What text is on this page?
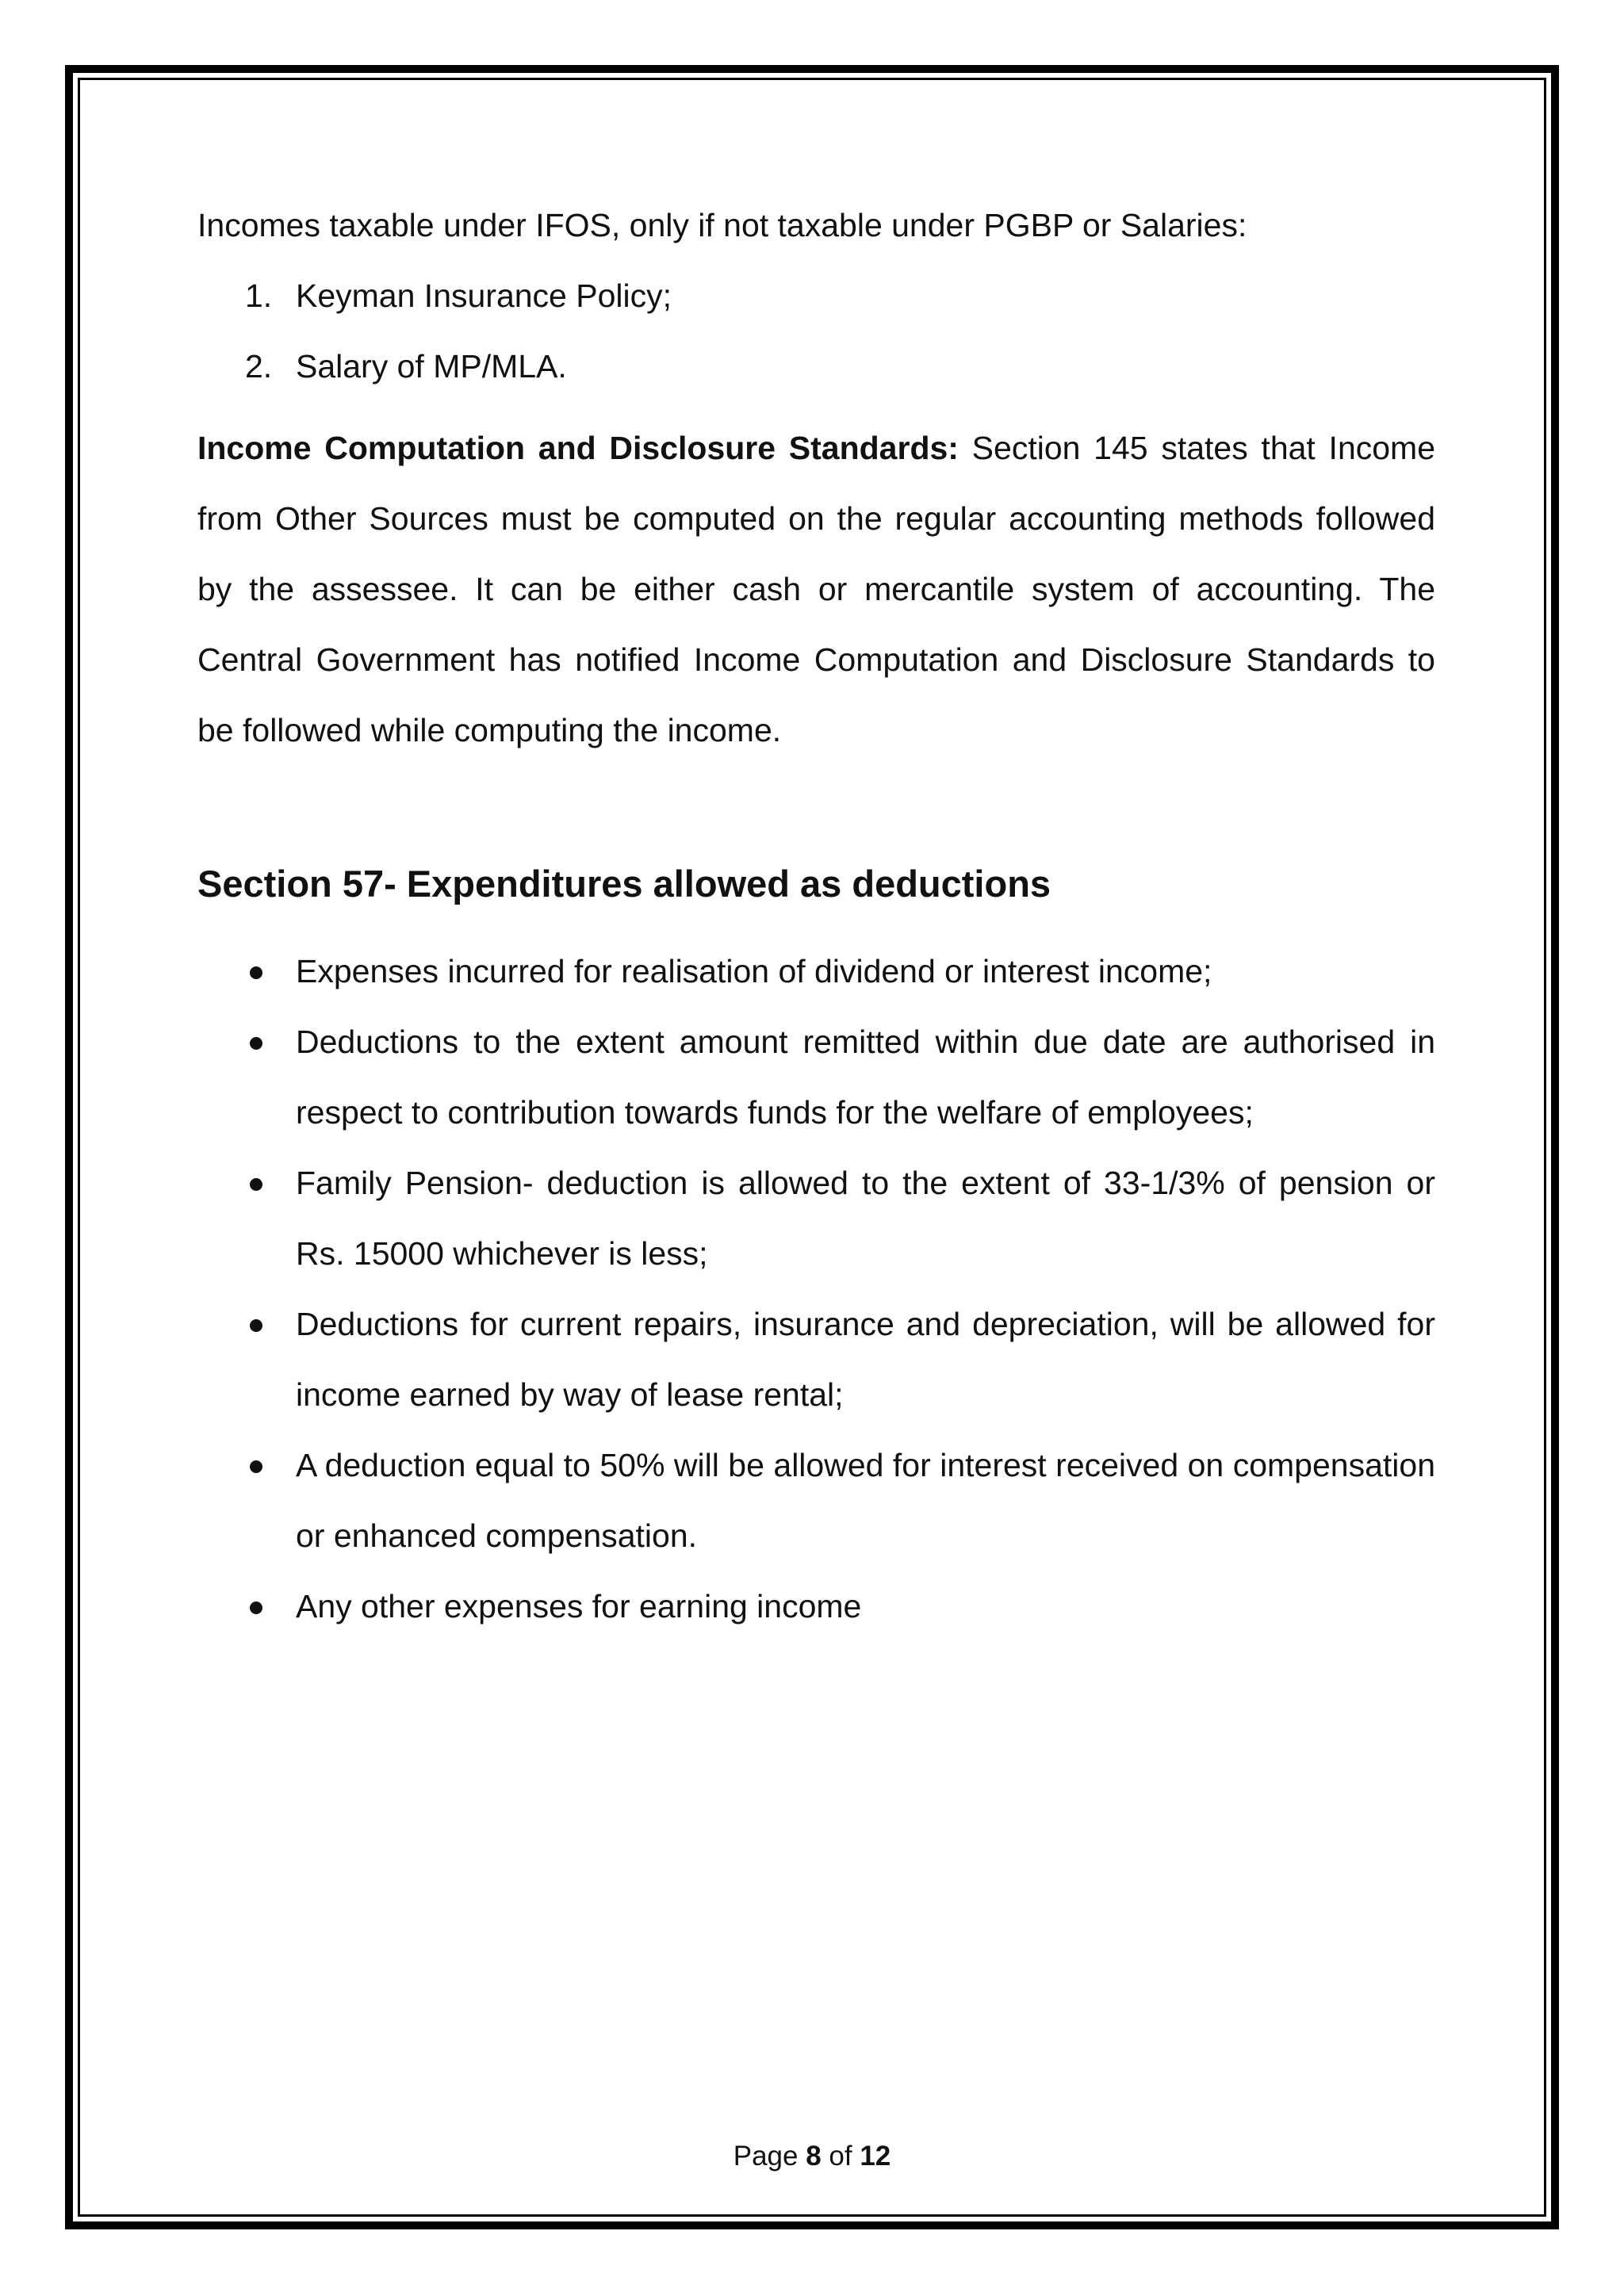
Incomes taxable under IFOS, only if not taxable under PGBP or Salaries:

1. Keyman Insurance Policy;
2. Salary of MP/MLA.

Income Computation and Disclosure Standards: Section 145 states that Income from Other Sources must be computed on the regular accounting methods followed by the assessee. It can be either cash or mercantile system of accounting. The Central Government has notified Income Computation and Disclosure Standards to be followed while computing the income.

Section 57- Expenditures allowed as deductions
Expenses incurred for realisation of dividend or interest income;
Deductions to the extent amount remitted within due date are authorised in respect to contribution towards funds for the welfare of employees;
Family Pension- deduction is allowed to the extent of 33-1/3% of pension or Rs. 15000 whichever is less;
Deductions for current repairs, insurance and depreciation, will be allowed for income earned by way of lease rental;
A deduction equal to 50% will be allowed for interest received on compensation or enhanced compensation.
Any other expenses for earning income
Page 8 of 12
